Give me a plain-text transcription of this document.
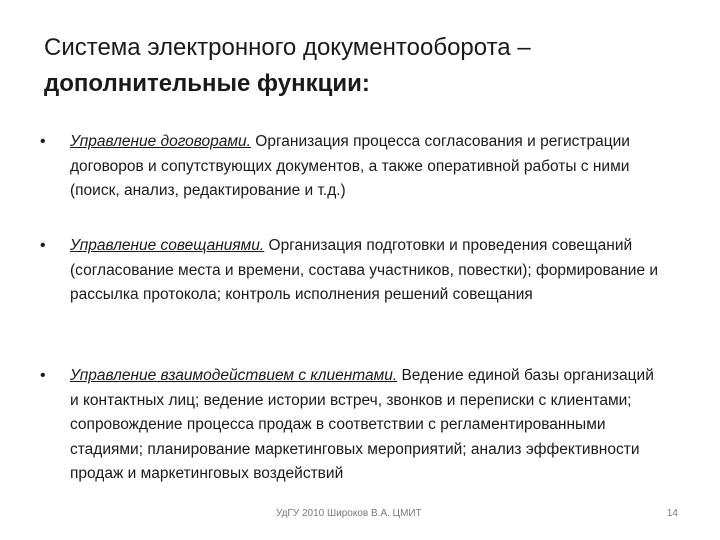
Система электронного документооборота –
дополнительные функции:
• Управление договорами. Организация процесса согласования и регистрации договоров и сопутствующих документов, а также оперативной работы с ними (поиск, анализ, редактирование и т.д.)
• Управление совещаниями. Организация подготовки и проведения совещаний (согласование места и времени, состава участников, повестки); формирование и рассылка протокола; контроль исполнения решений совещания
• Управление взаимодействием с клиентами. Ведение единой базы организаций и контактных лиц; ведение истории встреч, звонков и переписки с клиентами; сопровождение процесса продаж в соответствии с регламентированными стадиями; планирование маркетинговых мероприятий; анализ эффективности продаж и маркетинговых воздействий
УдГУ 2010 Широков В.А. ЦМИТ	14
